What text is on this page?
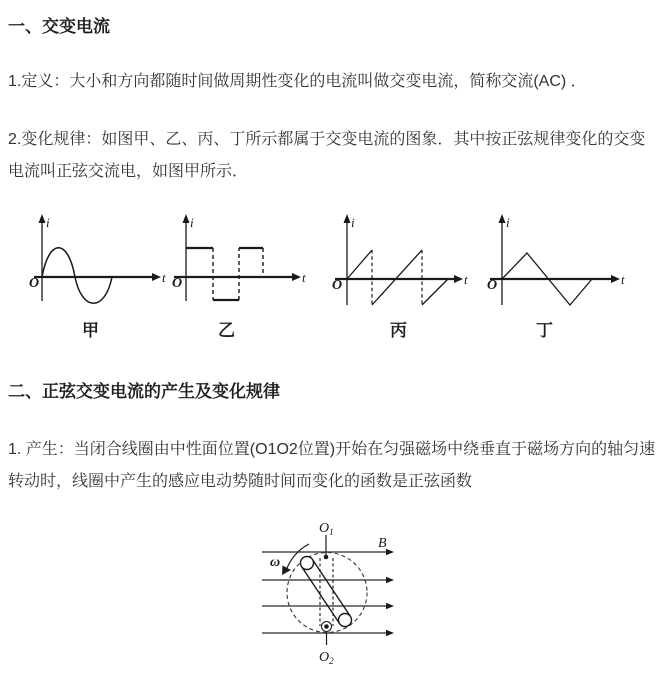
一、交变电流

1.定义：大小和方向都随时间做周期性变化的电流叫做交变电流，简称交流(AC) ．

2.变化规律：如图甲、乙、丙、丁所示都属于交变电流的图象．其中按正弦规律变化的交变电流叫正弦交流电，如图甲所示．

i
t
O
甲
i
t
O
乙
i
t
O
丙
i
t
O
丁
二、正弦交变电流的产生及变化规律

1. 产生：当闭合线圈由中性面位置(O1O2位置)开始在匀强磁场中绕垂直于磁场方向的轴匀速转动时，线圈中产生的感应电动势随时间而变化的函数是正弦函数

B
ω
$O_1$
$O_2$
